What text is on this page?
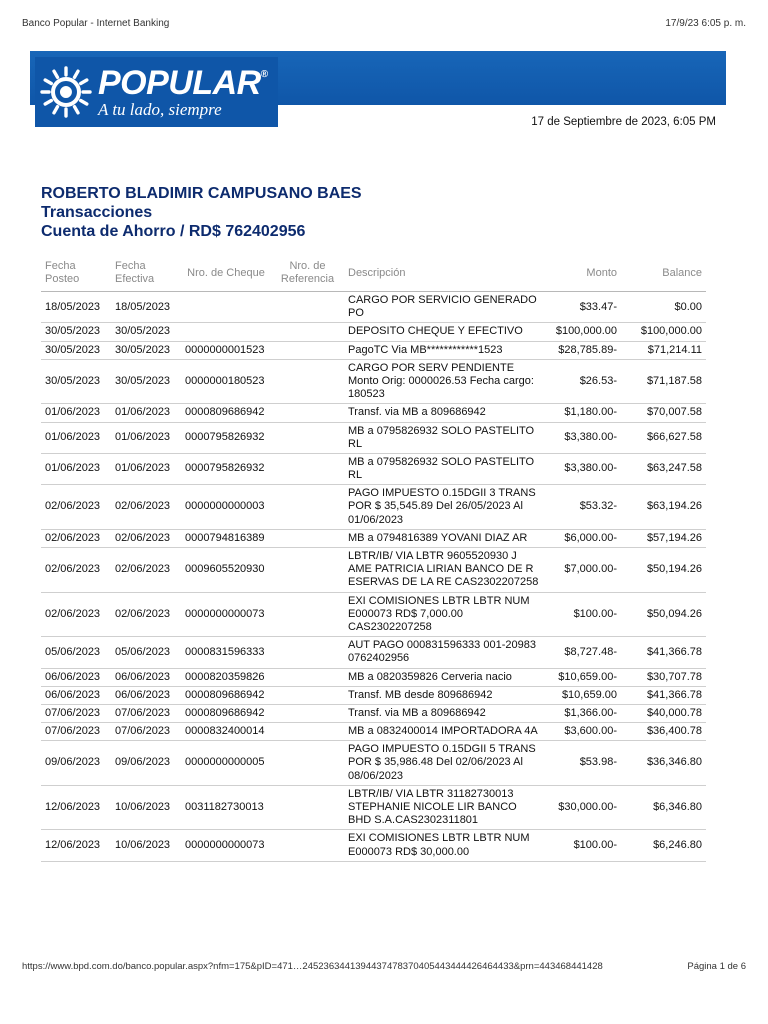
Banco Popular - Internet Banking	17/9/23 6:05 p. m.
POPULAR®
A tu lado, siempre
17 de Septiembre de 2023, 6:05 PM
ROBERTO BLADIMIR CAMPUSANO BAES
Transacciones
Cuenta de Ahorro / RD$ 762402956
Fecha Posteo	Fecha Efectiva	Nro. de Cheque	Nro. de Referencia	Descripción	Monto	Balance
18/05/2023	18/05/2023			CARGO POR SERVICIO GENERADO PO	$33.47-	$0.00
30/05/2023	30/05/2023			DEPOSITO CHEQUE Y EFECTIVO	$100,000.00	$100,000.00
30/05/2023	30/05/2023	0000000001523		PagoTC Via MB************1523	$28,785.89-	$71,214.11
30/05/2023	30/05/2023	0000000180523		CARGO POR SERV PENDIENTE Monto Orig: 0000026.53 Fecha cargo: 180523	$26.53-	$71,187.58
01/06/2023	01/06/2023	0000809686942		Transf. via MB a 809686942	$1,180.00-	$70,007.58
01/06/2023	01/06/2023	0000795826932		MB a 0795826932 SOLO PASTELITO RL	$3,380.00-	$66,627.58
01/06/2023	01/06/2023	0000795826932		MB a 0795826932 SOLO PASTELITO RL	$3,380.00-	$63,247.58
02/06/2023	02/06/2023	0000000000003		PAGO IMPUESTO 0.15DGII 3 TRANS POR $ 35,545.89 Del 26/05/2023 Al 01/06/2023	$53.32-	$63,194.26
02/06/2023	02/06/2023	0000794816389		MB a 0794816389 YOVANI DIAZ AR	$6,000.00-	$57,194.26
02/06/2023	02/06/2023	0009605520930		LBTR/IB/ VIA LBTR 9605520930 J AME PATRICIA LIRIAN BANCO DE R ESERVAS DE LA RE CAS2302207258	$7,000.00-	$50,194.26
02/06/2023	02/06/2023	0000000000073		EXI COMISIONES LBTR LBTR NUM E000073 RD$ 7,000.00 CAS2302207258	$100.00-	$50,094.26
05/06/2023	05/06/2023	0000831596333		AUT PAGO 000831596333 001-20983 0762402956	$8,727.48-	$41,366.78
06/06/2023	06/06/2023	0000820359826		MB a 0820359826 Cerveria nacio	$10,659.00-	$30,707.78
06/06/2023	06/06/2023	0000809686942		Transf. MB desde 809686942	$10,659.00	$41,366.78
07/06/2023	07/06/2023	0000809686942		Transf. via MB a 809686942	$1,366.00-	$40,000.78
07/06/2023	07/06/2023	0000832400014		MB a 0832400014 IMPORTADORA 4A	$3,600.00-	$36,400.78
09/06/2023	09/06/2023	0000000000005		PAGO IMPUESTO 0.15DGII 5 TRANS POR $ 35,986.48 Del 02/06/2023 Al 08/06/2023	$53.98-	$36,346.80
12/06/2023	10/06/2023	0031182730013		LBTR/IB/ VIA LBTR 31182730013 STEPHANIE NICOLE LIR BANCO BHD S.A.CAS2302311801	$30,000.00-	$6,346.80
12/06/2023	10/06/2023	0000000000073		EXI COMISIONES LBTR LBTR NUM E000073 RD$ 30,000.00	$100.00-	$6,246.80
https://www.bpd.com.do/banco.popular.aspx?nfm=175&pID=471…2452363441394437478370405443444426464433&prn=443468441428	Página 1 de 6
